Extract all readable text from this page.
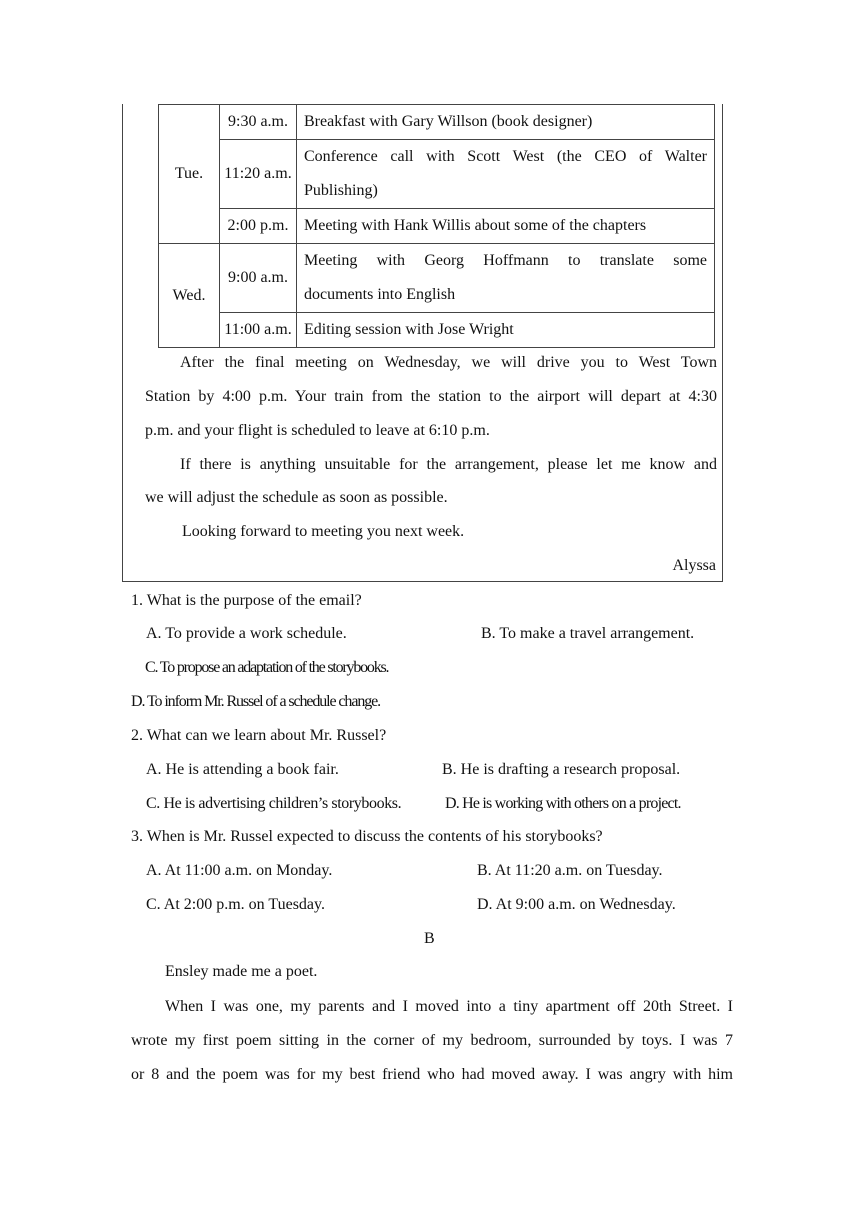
Tue.	9:30 a.m.	Breakfast with Gary Willson (book designer)
	11:20 a.m.	Conference call with Scott West (the CEO of Walter
Publishing)

	2:00 p.m.	Meeting with Hank Willis about some of the chapters
Wed.	9:00 a.m.	Meeting with Georg Hoffmann to translate some
documents into English

	11:00 a.m.	Editing session with Jose Wright
After the final meeting on Wednesday, we will drive you to West Town
Station by 4:00 p.m. Your train from the station to the airport will depart at 4:30
p.m. and your flight is scheduled to leave at 6:10 p.m.
If there is anything unsuitable for the arrangement, please let me know and
we will adjust the schedule as soon as possible.
Looking forward to meeting you next week.
Alyssa
1. What is the purpose of the email?
A. To provide a work schedule.	B. To make a travel arrangement.
C. To propose an adaptation of the storybooks.
D. To inform Mr. Russel of a schedule change.
2. What can we learn about Mr. Russel?
A. He is attending a book fair.	B. He is drafting a research proposal.
C. He is advertising children’s storybooks.	D. He is working with others on a project.
3. When is Mr. Russel expected to discuss the contents of his storybooks?
A. At 11:00 a.m. on Monday.	B. At 11:20 a.m. on Tuesday.
C. At 2:00 p.m. on Tuesday.	D. At 9:00 a.m. on Wednesday.
B
Ensley made me a poet.
When I was one, my parents and I moved into a tiny apartment off 20th Street. I
wrote my first poem sitting in the corner of my bedroom, surrounded by toys. I was 7
or 8 and the poem was for my best friend who had moved away. I was angry with him
